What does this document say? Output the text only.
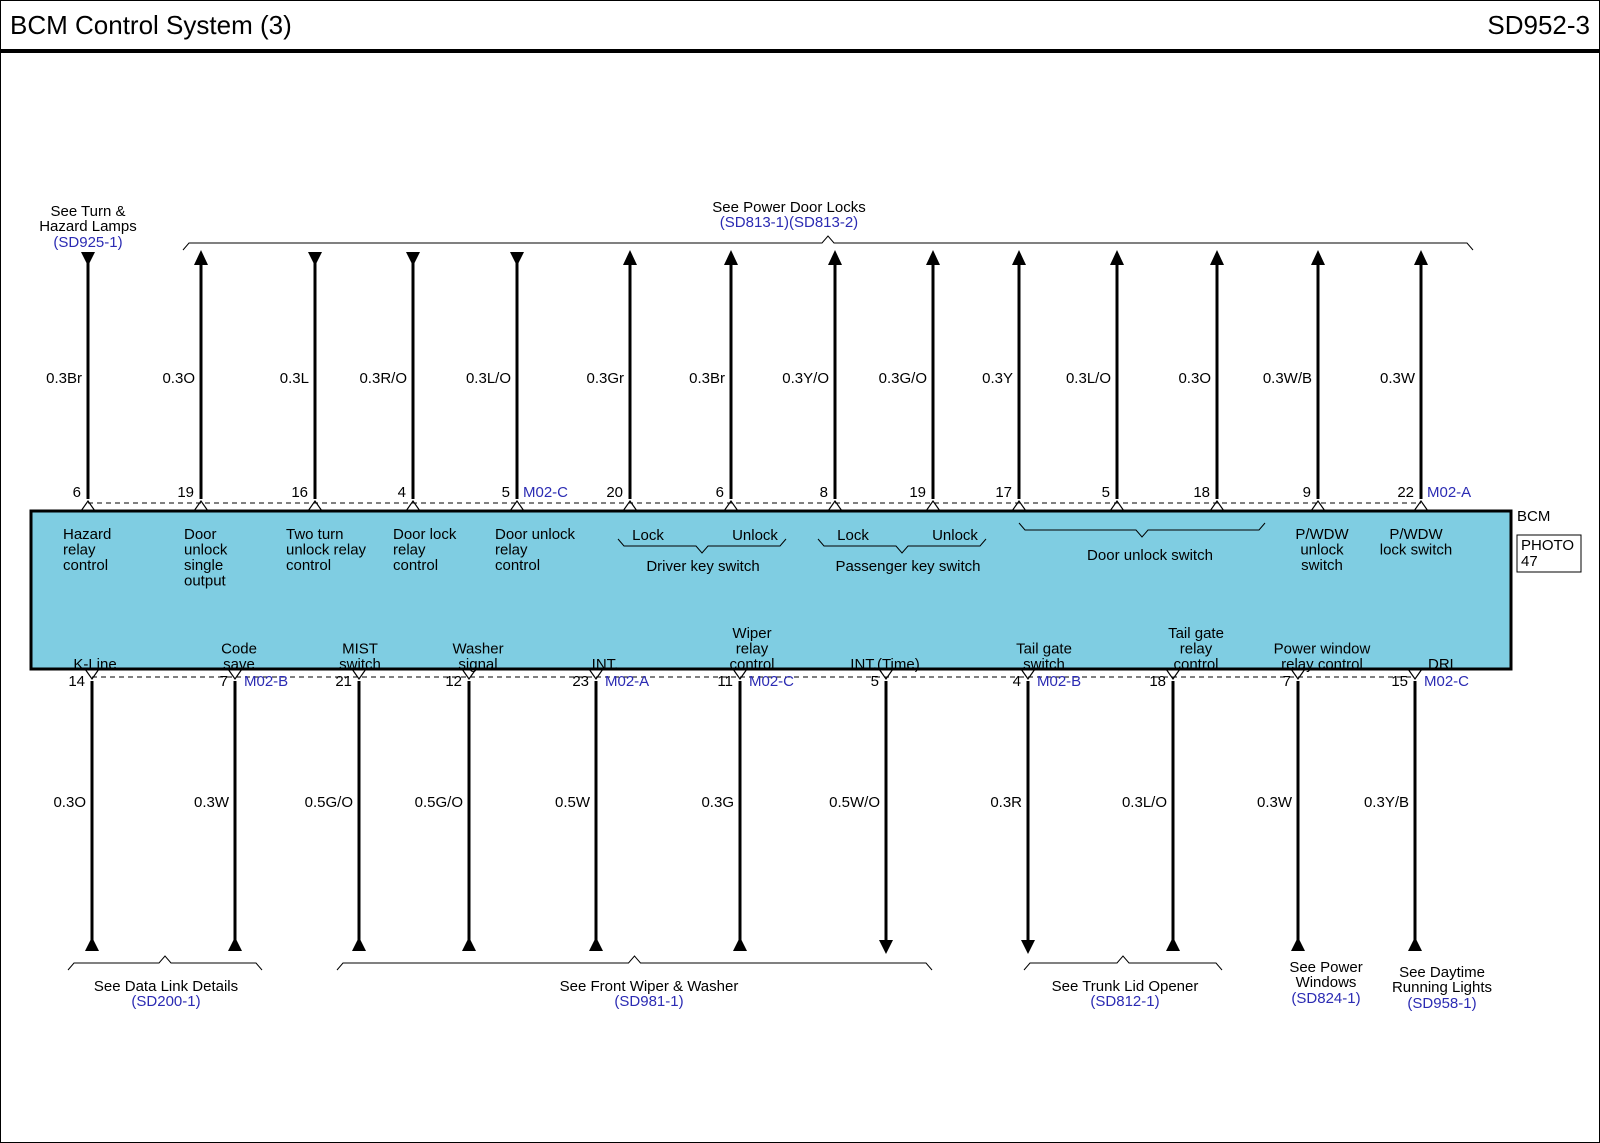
BCM Control System (3)	SD952-3
BCM
PHOTO
47
0.3Br
6
Hazard
relay
control
0.3O
19
Door
unlock
single
output
0.3L
16
Two turn
unlock relay
control
0.3R/O
4
Door lock
relay
control
0.3L/O
5 M02-C
Door unlock
relay
control
0.3Gr
20
0.3Br
6
0.3Y/O
8
0.3G/O
19
0.3Y
17
0.3L/O
5
0.3O
18
0.3W/B
9
P/WDW
unlock
switch
0.3W
22 M02-A
P/WDW
lock switch
Lock	Unlock	Lock	Unlock
Driver key switch	Passenger key switch
Door unlock switch
See Turn &
Hazard Lamps
(SD925-1)
See Power Door Locks
(SD813-1)(SD813-2)
0.3O
14
K-Line
0.3W
7 M02-B
Code
save
0.5G/O
21
MIST
switch
0.5G/O
12
Washer
signal
0.5W
23 M02-A
INT.
0.3G
11 M02-C
Wiper
relay
control
0.5W/O
5
INT.(Time)
0.3R
4 M02-B
Tail gate
switch
0.3L/O
18
Tail gate
relay
control
0.3W
7
Power window
relay control
0.3Y/B
15 M02-C
DRL
See Data Link Details
(SD200-1)
See Front Wiper & Washer
(SD981-1)
See Trunk Lid Opener
(SD812-1)
See Power
Windows
(SD824-1)
See Daytime
Running Lights
(SD958-1)
